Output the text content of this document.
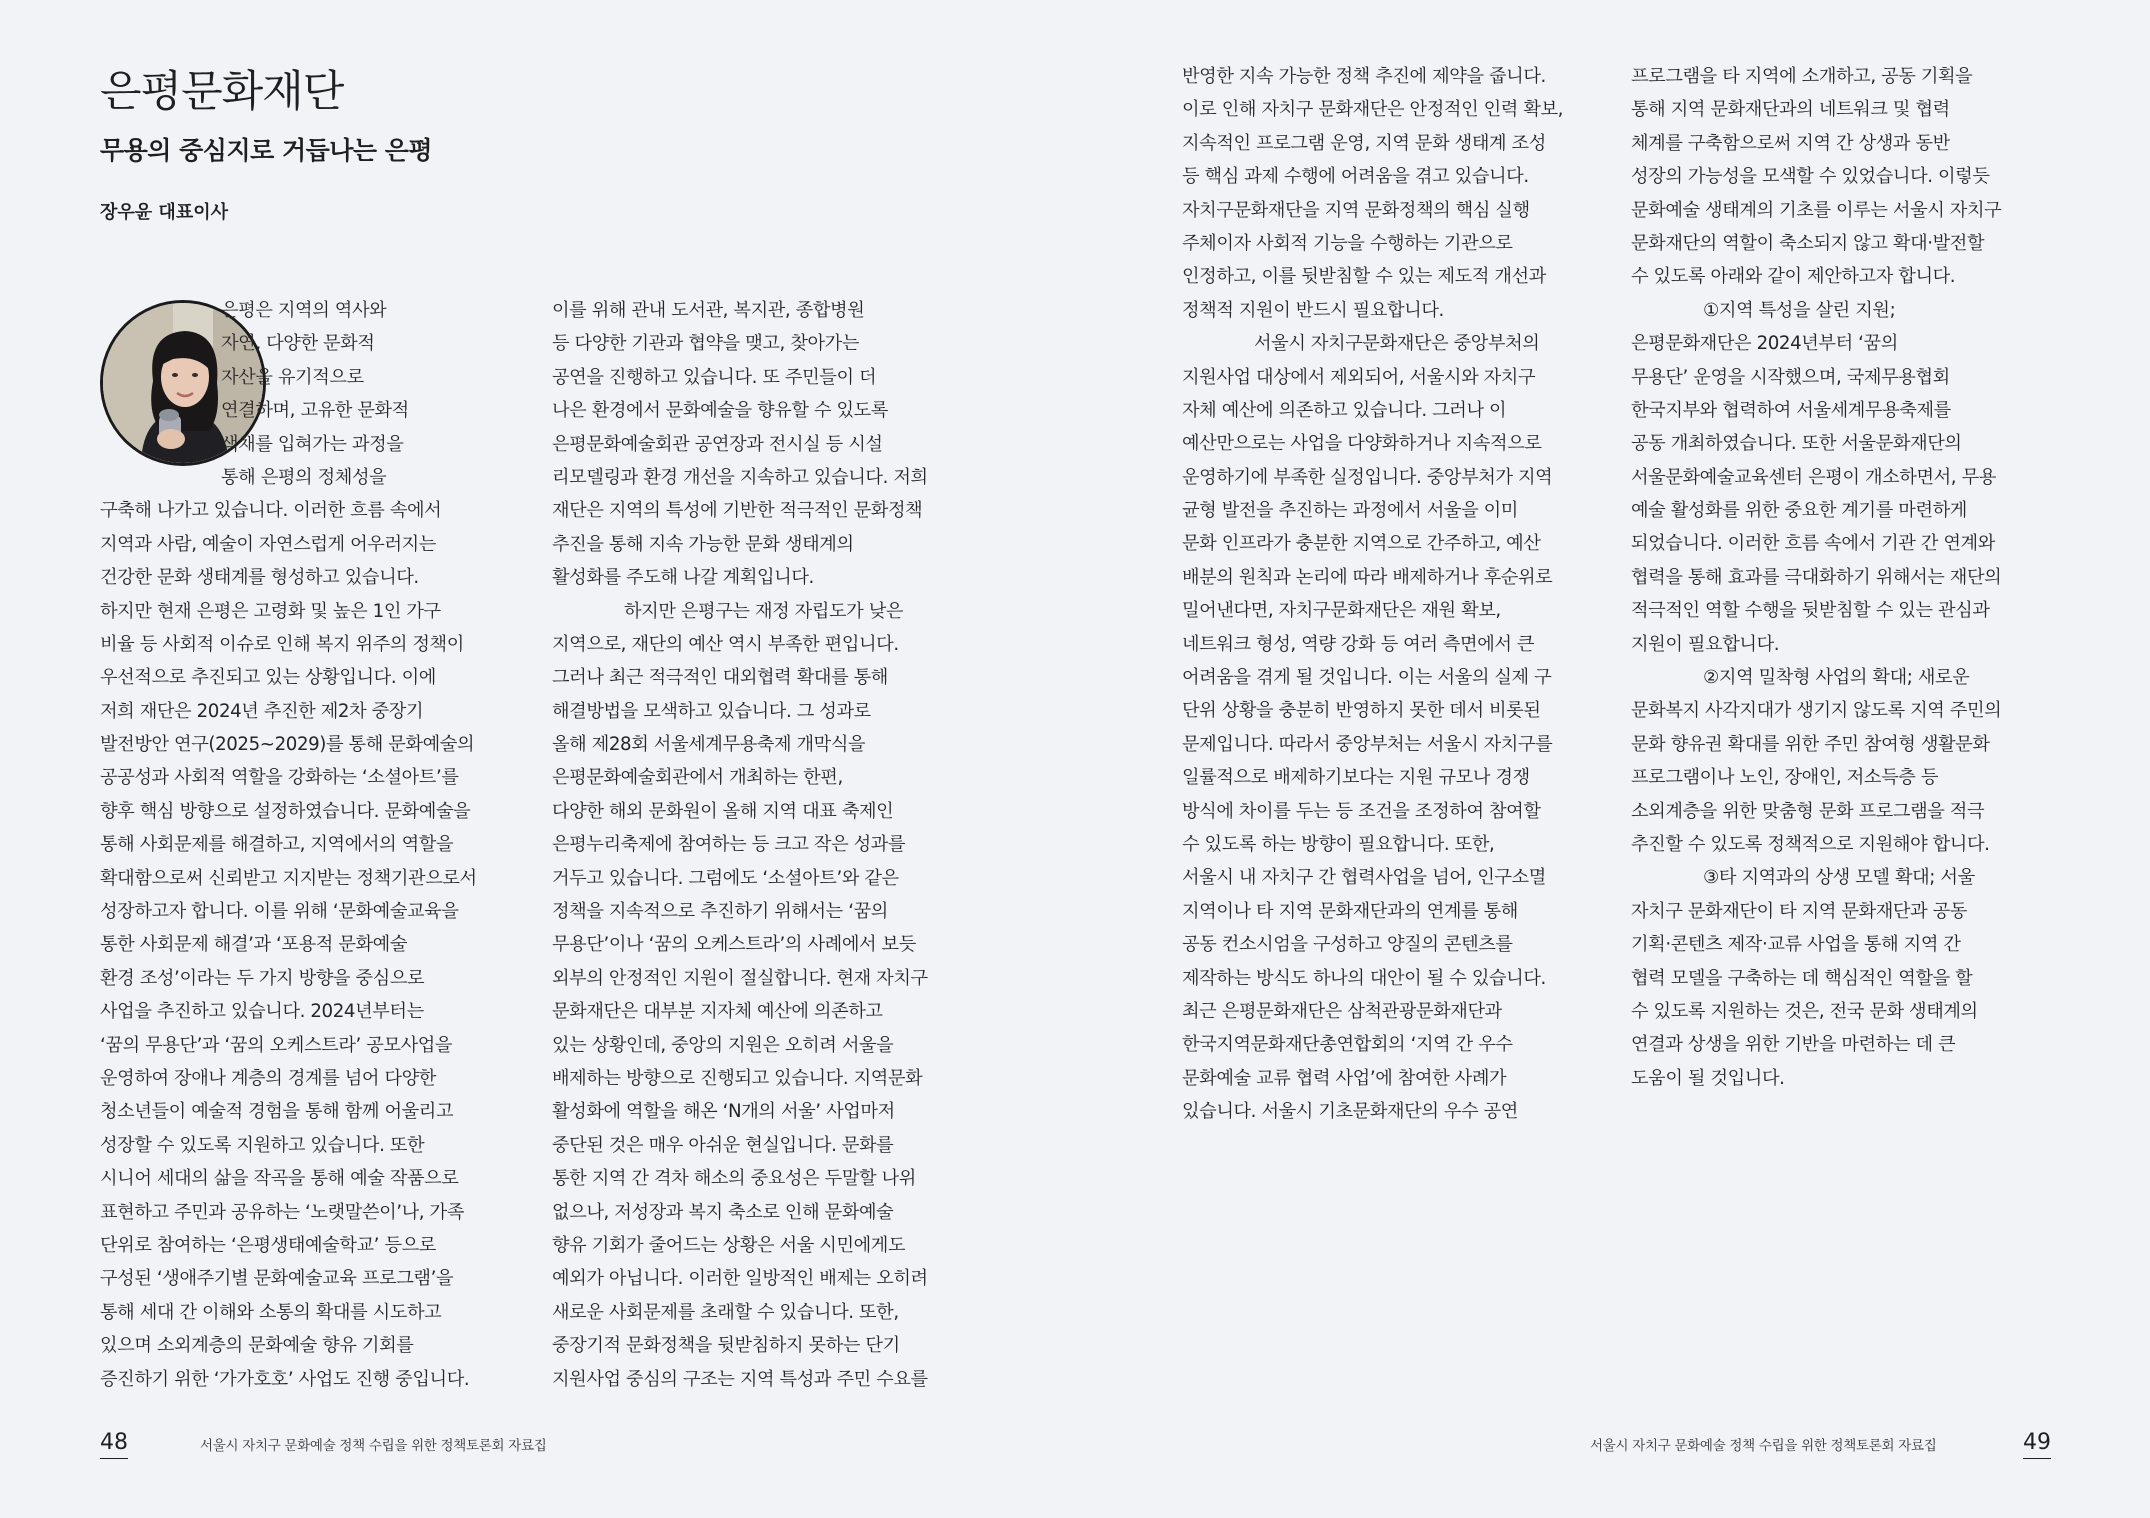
은평문화재단
무용의 중심지로 거듭나는 은평

장우윤 대표이사

은평은 지역의 역사와
자연, 다양한 문화적
자산을 유기적으로
연결하며, 고유한 문화적
색채를 입혀가는 과정을
통해 은평의 정체성을
구축해 나가고 있습니다. 이러한 흐름 속에서
지역과 사람, 예술이 자연스럽게 어우러지는
건강한 문화 생태계를 형성하고 있습니다.
하지만 현재 은평은 고령화 및 높은 1인 가구
비율 등 사회적 이슈로 인해 복지 위주의 정책이
우선적으로 추진되고 있는 상황입니다. 이에
저희 재단은 2024년 추진한 제2차 중장기
발전방안 연구(2025~2029)를 통해 문화예술의
공공성과 사회적 역할을 강화하는 ‘소셜아트’를
향후 핵심 방향으로 설정하였습니다. 문화예술을
통해 사회문제를 해결하고, 지역에서의 역할을
확대함으로써 신뢰받고 지지받는 정책기관으로서
성장하고자 합니다. 이를 위해 ‘문화예술교육을
통한 사회문제 해결’과 ‘포용적 문화예술
환경 조성’이라는 두 가지 방향을 중심으로
사업을 추진하고 있습니다. 2024년부터는
‘꿈의 무용단’과 ‘꿈의 오케스트라’ 공모사업을
운영하여 장애나 계층의 경계를 넘어 다양한
청소년들이 예술적 경험을 통해 함께 어울리고
성장할 수 있도록 지원하고 있습니다. 또한
시니어 세대의 삶을 작곡을 통해 예술 작품으로
표현하고 주민과 공유하는 ‘노랫말쓴이’나, 가족
단위로 참여하는 ‘은평생태예술학교’ 등으로
구성된 ‘생애주기별 문화예술교육 프로그램’을
통해 세대 간 이해와 소통의 확대를 시도하고
있으며 소외계층의 문화예술 향유 기회를
증진하기 위한 ‘가가호호’ 사업도 진행 중입니다.
이를 위해 관내 도서관, 복지관, 종합병원
등 다양한 기관과 협약을 맺고, 찾아가는
공연을 진행하고 있습니다. 또 주민들이 더
나은 환경에서 문화예술을 향유할 수 있도록
은평문화예술회관 공연장과 전시실 등 시설
리모델링과 환경 개선을 지속하고 있습니다. 저희
재단은 지역의 특성에 기반한 적극적인 문화정책
추진을 통해 지속 가능한 문화 생태계의
활성화를 주도해 나갈 계획입니다.
하지만 은평구는 재정 자립도가 낮은
지역으로, 재단의 예산 역시 부족한 편입니다.
그러나 최근 적극적인 대외협력 확대를 통해
해결방법을 모색하고 있습니다. 그 성과로
올해 제28회 서울세계무용축제 개막식을
은평문화예술회관에서 개최하는 한편,
다양한 해외 문화원이 올해 지역 대표 축제인
은평누리축제에 참여하는 등 크고 작은 성과를
거두고 있습니다. 그럼에도 ‘소셜아트’와 같은
정책을 지속적으로 추진하기 위해서는 ‘꿈의
무용단’이나 ‘꿈의 오케스트라’의 사례에서 보듯
외부의 안정적인 지원이 절실합니다. 현재 자치구
문화재단은 대부분 지자체 예산에 의존하고
있는 상황인데, 중앙의 지원은 오히려 서울을
배제하는 방향으로 진행되고 있습니다. 지역문화
활성화에 역할을 해온 ‘N개의 서울’ 사업마저
중단된 것은 매우 아쉬운 현실입니다. 문화를
통한 지역 간 격차 해소의 중요성은 두말할 나위
없으나, 저성장과 복지 축소로 인해 문화예술
향유 기회가 줄어드는 상황은 서울 시민에게도
예외가 아닙니다. 이러한 일방적인 배제는 오히려
새로운 사회문제를 초래할 수 있습니다. 또한,
중장기적 문화정책을 뒷받침하지 못하는 단기
지원사업 중심의 구조는 지역 특성과 주민 수요를
48	서울시 자치구 문화예술 정책 수립을 위한 정책토론회 자료집
반영한 지속 가능한 정책 추진에 제약을 줍니다.
이로 인해 자치구 문화재단은 안정적인 인력 확보,
지속적인 프로그램 운영, 지역 문화 생태계 조성
등 핵심 과제 수행에 어려움을 겪고 있습니다.
자치구문화재단을 지역 문화정책의 핵심 실행
주체이자 사회적 기능을 수행하는 기관으로
인정하고, 이를 뒷받침할 수 있는 제도적 개선과
정책적 지원이 반드시 필요합니다.
서울시 자치구문화재단은 중앙부처의
지원사업 대상에서 제외되어, 서울시와 자치구
자체 예산에 의존하고 있습니다. 그러나 이
예산만으로는 사업을 다양화하거나 지속적으로
운영하기에 부족한 실정입니다. 중앙부처가 지역
균형 발전을 추진하는 과정에서 서울을 이미
문화 인프라가 충분한 지역으로 간주하고, 예산
배분의 원칙과 논리에 따라 배제하거나 후순위로
밀어낸다면, 자치구문화재단은 재원 확보,
네트워크 형성, 역량 강화 등 여러 측면에서 큰
어려움을 겪게 될 것입니다. 이는 서울의 실제 구
단위 상황을 충분히 반영하지 못한 데서 비롯된
문제입니다. 따라서 중앙부처는 서울시 자치구를
일률적으로 배제하기보다는 지원 규모나 경쟁
방식에 차이를 두는 등 조건을 조정하여 참여할
수 있도록 하는 방향이 필요합니다. 또한,
서울시 내 자치구 간 협력사업을 넘어, 인구소멸
지역이나 타 지역 문화재단과의 연계를 통해
공동 컨소시엄을 구성하고 양질의 콘텐츠를
제작하는 방식도 하나의 대안이 될 수 있습니다.
최근 은평문화재단은 삼척관광문화재단과
한국지역문화재단총연합회의 ‘지역 간 우수
문화예술 교류 협력 사업’에 참여한 사례가
있습니다. 서울시 기초문화재단의 우수 공연
프로그램을 타 지역에 소개하고, 공동 기획을
통해 지역 문화재단과의 네트워크 및 협력
체계를 구축함으로써 지역 간 상생과 동반
성장의 가능성을 모색할 수 있었습니다. 이렇듯
문화예술 생태계의 기초를 이루는 서울시 자치구
문화재단의 역할이 축소되지 않고 확대·발전할
수 있도록 아래와 같이 제안하고자 합니다.
①지역 특성을 살린 지원;
은평문화재단은 2024년부터 ‘꿈의
무용단’ 운영을 시작했으며, 국제무용협회
한국지부와 협력하여 서울세계무용축제를
공동 개최하였습니다. 또한 서울문화재단의
서울문화예술교육센터 은평이 개소하면서, 무용
예술 활성화를 위한 중요한 계기를 마련하게
되었습니다. 이러한 흐름 속에서 기관 간 연계와
협력을 통해 효과를 극대화하기 위해서는 재단의
적극적인 역할 수행을 뒷받침할 수 있는 관심과
지원이 필요합니다.
②지역 밀착형 사업의 확대; 새로운
문화복지 사각지대가 생기지 않도록 지역 주민의
문화 향유권 확대를 위한 주민 참여형 생활문화
프로그램이나 노인, 장애인, 저소득층 등
소외계층을 위한 맞춤형 문화 프로그램을 적극
추진할 수 있도록 정책적으로 지원해야 합니다.
③타 지역과의 상생 모델 확대; 서울
자치구 문화재단이 타 지역 문화재단과 공동
기획·콘텐츠 제작·교류 사업을 통해 지역 간
협력 모델을 구축하는 데 핵심적인 역할을 할
수 있도록 지원하는 것은, 전국 문화 생태계의
연결과 상생을 위한 기반을 마련하는 데 큰
도움이 될 것입니다.
서울시 자치구 문화예술 정책 수립을 위한 정책토론회 자료집	49
